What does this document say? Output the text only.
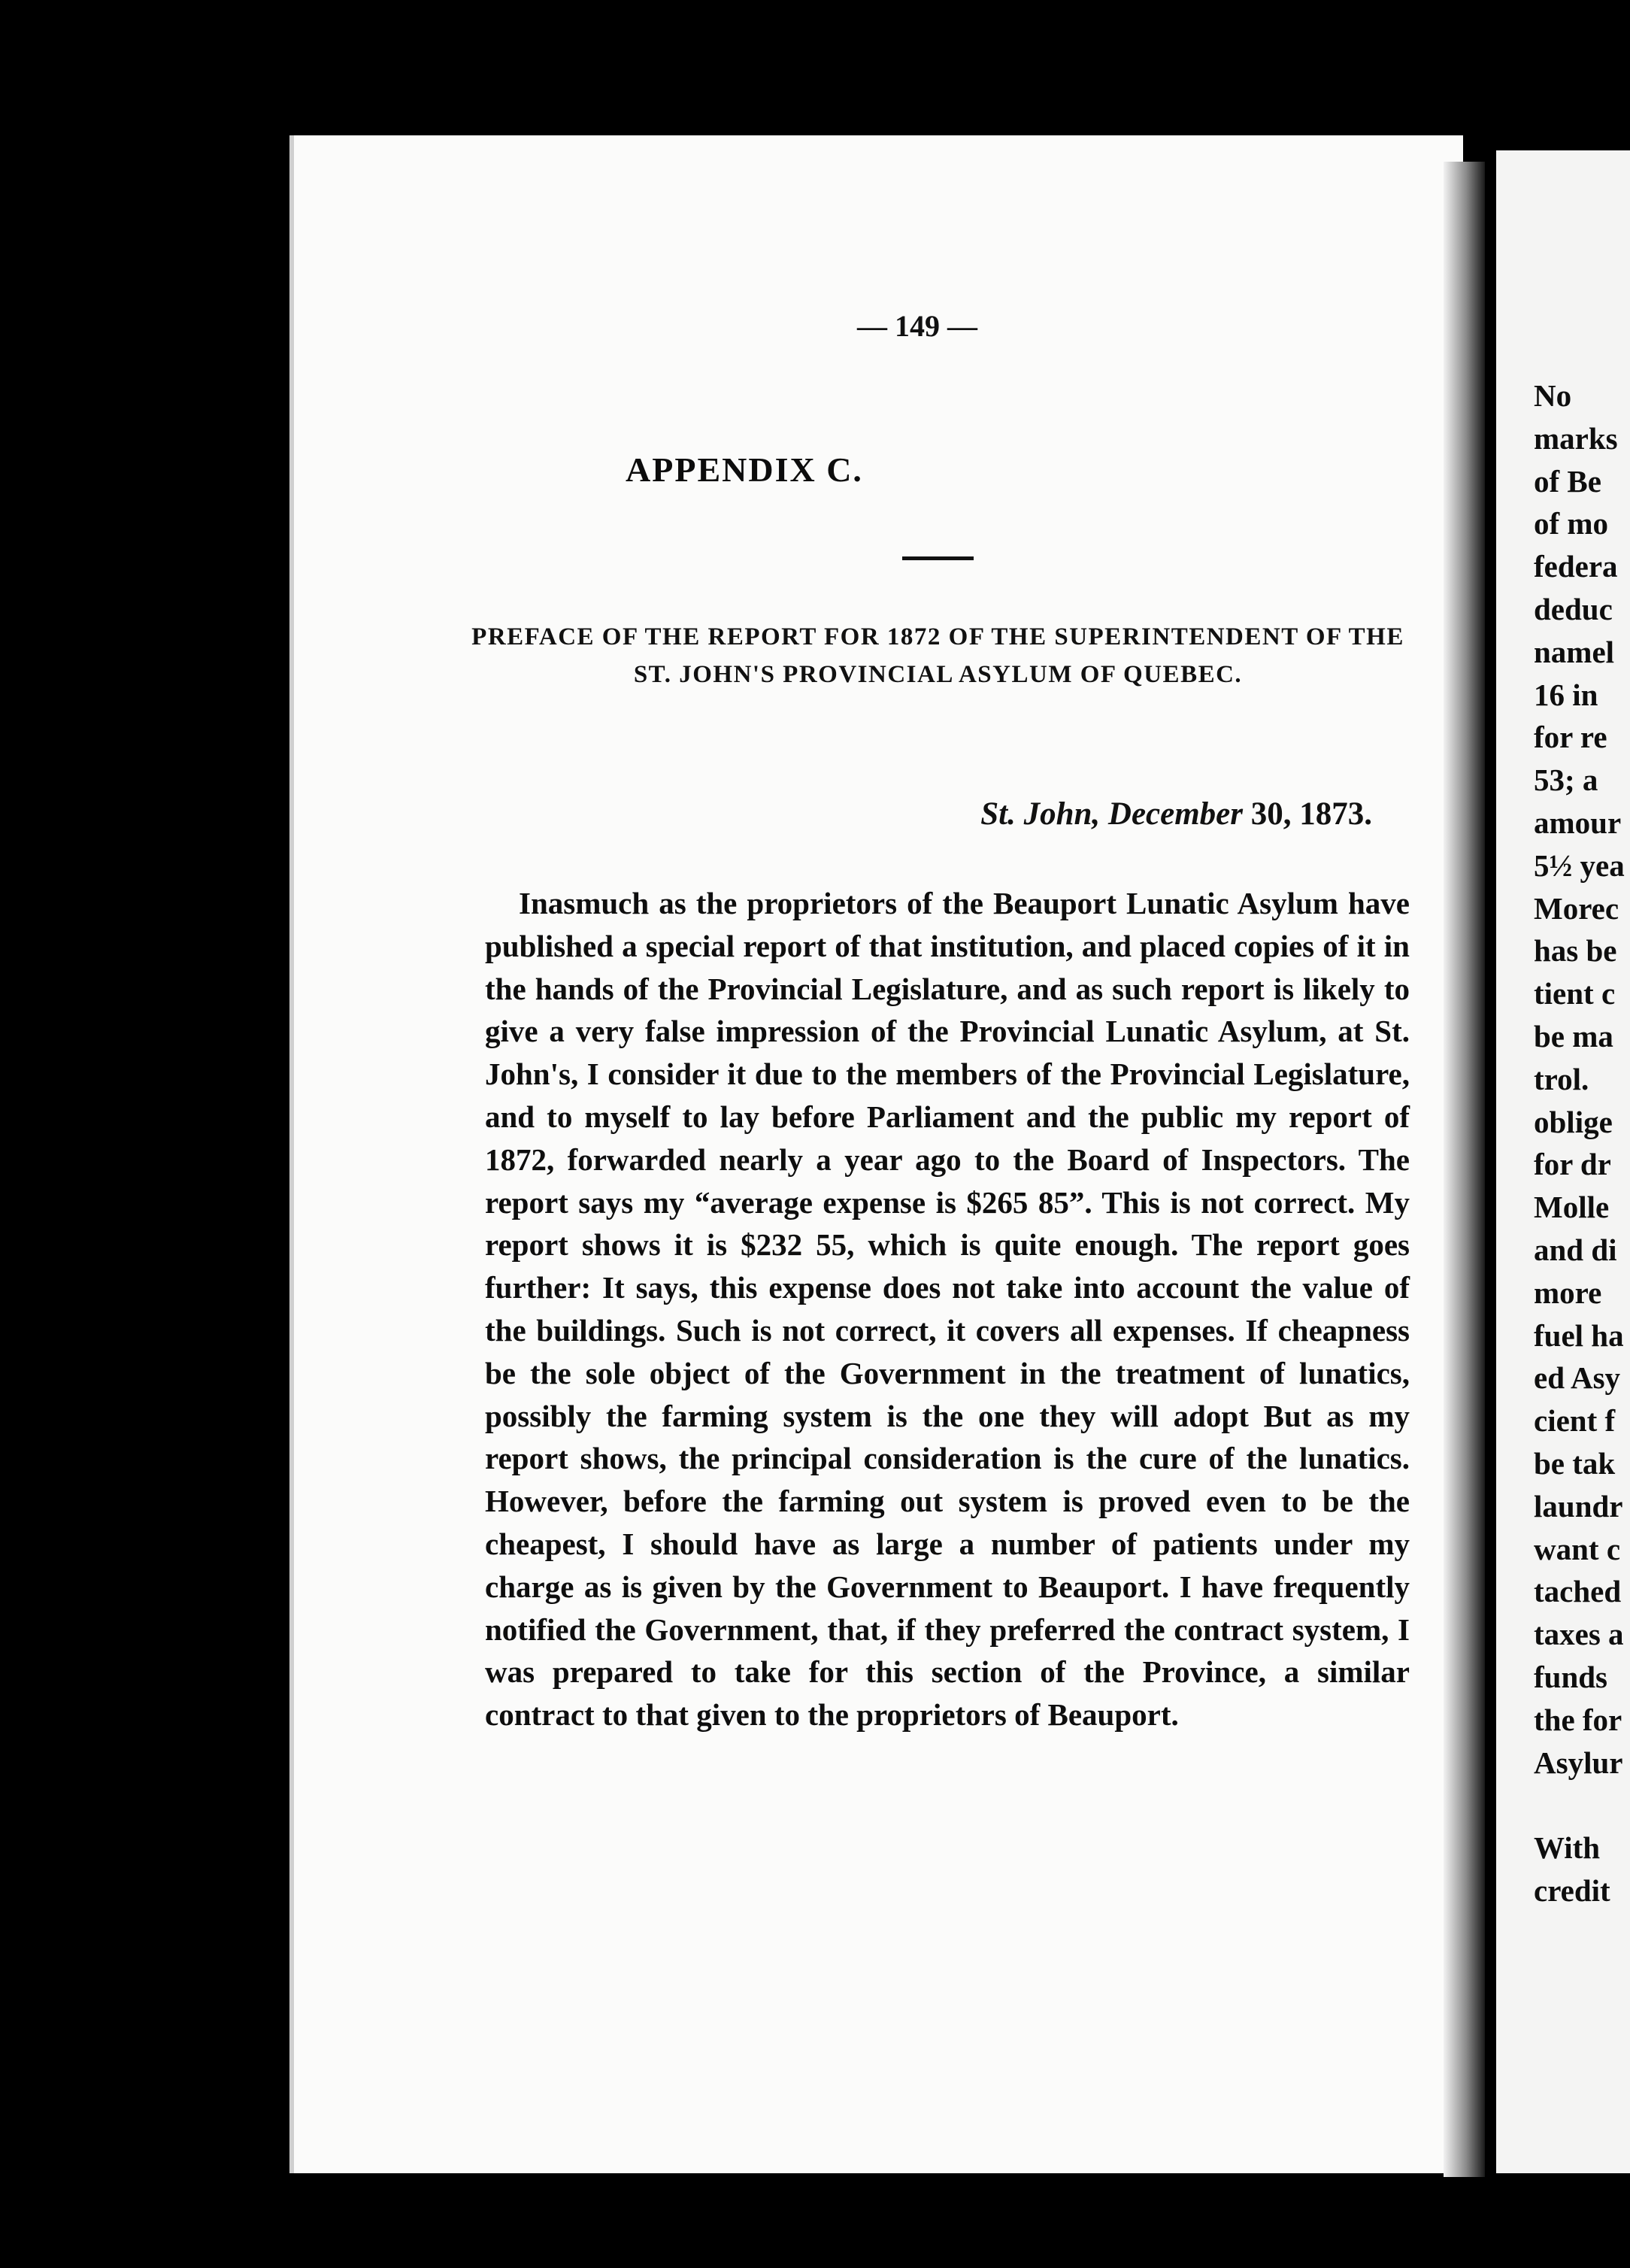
— 149 —
APPENDIX C.
PREFACE OF THE REPORT FOR 1872 OF THE SUPERINTENDENT OF THE ST. JOHN'S PROVINCIAL ASYLUM OF QUEBEC.
St. John, December 30, 1873.

Inasmuch as the proprietors of the Beauport Lunatic Asylum have published a special report of that institution, and placed copies of it in the hands of the Provincial Legislature, and as such report is likely to give a very false impression of the Provincial Lunatic Asylum, at St. John's, I consider it due to the members of the Provincial Legislature, and to myself to lay before Parliament and the public my report of 1872, forwarded nearly a year ago to the Board of Inspectors. The report says my “average expense is $265 85”. This is not correct. My report shows it is $232 55, which is quite enough. The report goes further: It says, this expense does not take into account the value of the buildings. Such is not correct, it covers all expenses. If cheapness be the sole object of the Government in the treatment of lunatics, possibly the farming system is the one they will adopt But as my report shows, the principal consideration is the cure of the lunatics. However, before the farming out system is proved even to be the cheapest, I should have as large a number of patients under my charge as is given by the Government to Beauport. I have frequently notified the Government, that, if they preferred the contract system, I was prepared to take for this section of the Province, a similar contract to that given to the proprietors of Beauport.

No
marks
of Be
of mo
federa
deduc
namel
16 in
for re
53; a
amour
5½ yea
Morec
has be
tient c
be ma
trol.
oblige
for dr
Molle
and di
more
fuel ha
ed Asy
cient f
be tak
laundr
want c
tached
taxes a
funds
the for
Asylur
With
credit
